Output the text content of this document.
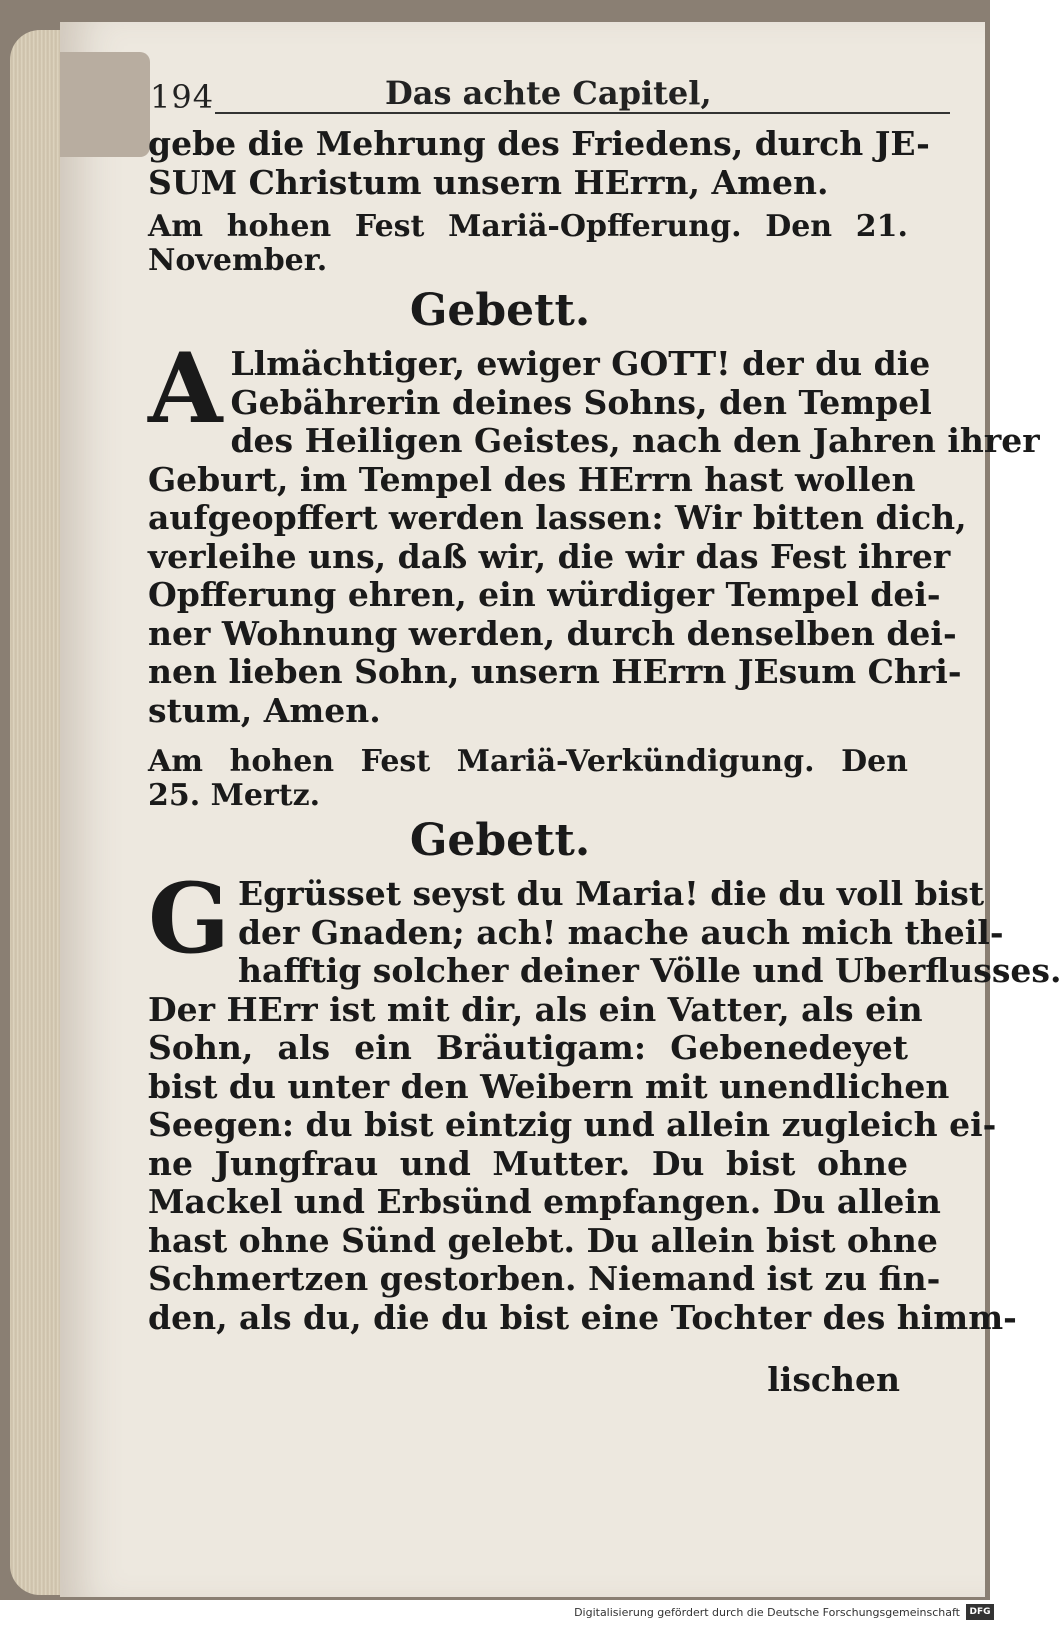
194	Das achte Capitel,
gebe die Mehrung des Friedens, durch JE-
SUM Christum unsern HErrn, Amen.
Am hohen Fest Mariä-Opfferung. Den 21.
November.
Gebett.
A Llmächtiger, ewiger GOTT! der du die
Gebährerin deines Sohns, den Tempel
des Heiligen Geistes, nach den Jahren ihrer
Geburt, im Tempel des HErrn hast wollen
aufgeopffert werden lassen: Wir bitten dich,
verleihe uns, daß wir, die wir das Fest ihrer
Opfferung ehren, ein würdiger Tempel dei-
ner Wohnung werden, durch denselben dei-
nen lieben Sohn, unsern HErrn JEsum Chri-
stum, Amen.
Am hohen Fest Mariä-Verkündigung. Den
25. Mertz.
Gebett.
G Egrüsset seyst du Maria! die du voll bist
der Gnaden; ach! mache auch mich theil-
hafftig solcher deiner Völle und Uberflusses.
Der HErr ist mit dir, als ein Vatter, als ein
Sohn, als ein Bräutigam: Gebenedeyet
bist du unter den Weibern mit unendlichen
Seegen: du bist eintzig und allein zugleich ei-
ne Jungfrau und Mutter. Du bist ohne
Mackel und Erbsünd empfangen. Du allein
hast ohne Sünd gelebt. Du allein bist ohne
Schmertzen gestorben. Niemand ist zu fin-
den, als du, die du bist eine Tochter des himm-
lischen
Digitalisierung gefördert durch die Deutsche Forschungsgemeinschaft	DFG
